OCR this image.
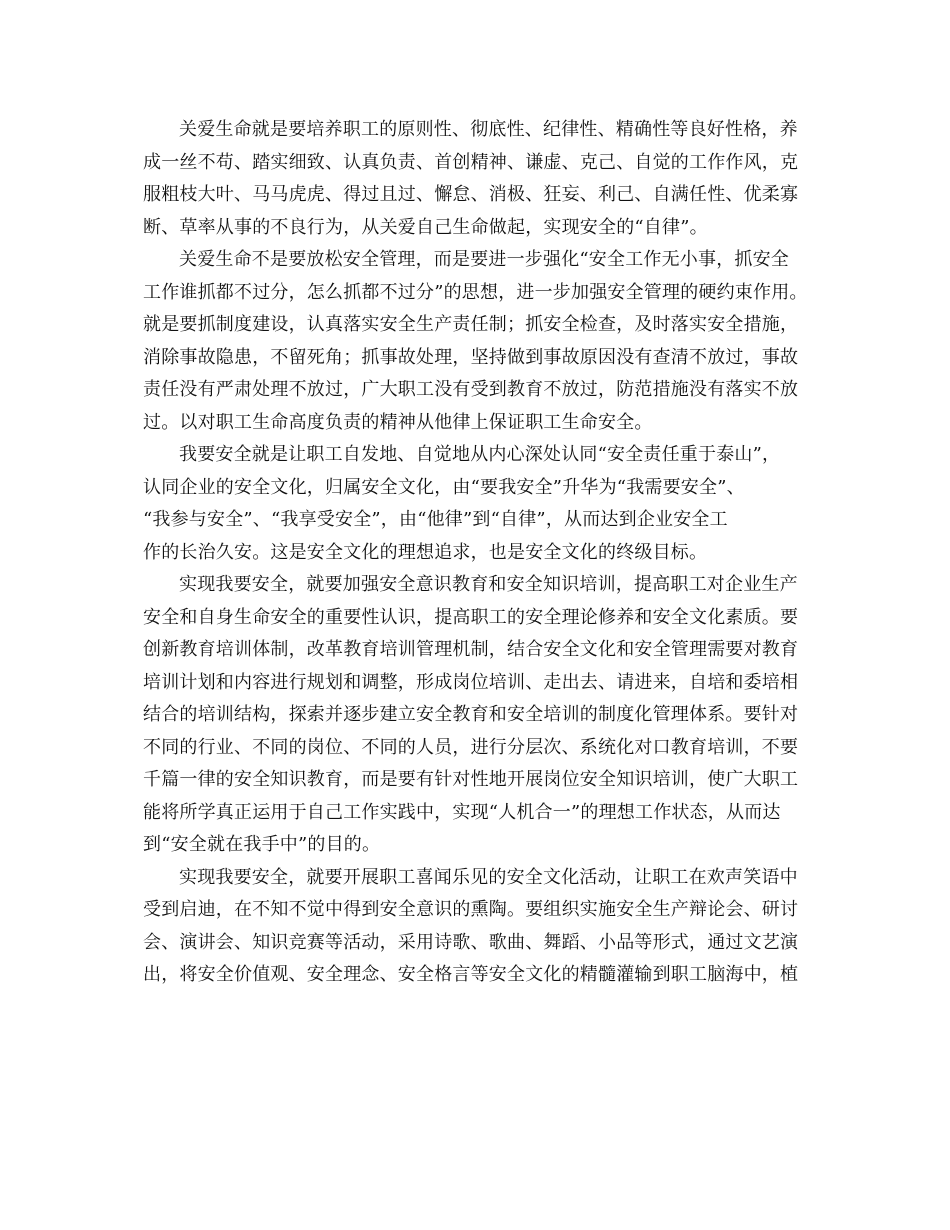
关爱生命就是要培养职工的原则性、彻底性、纪律性、精确性等良好性格，养
成一丝不苟、踏实细致、认真负责、首创精神、谦虚、克己、自觉的工作作风，克
服粗枝大叶、马马虎虎、得过且过、懈怠、消极、狂妄、利己、自满任性、优柔寡
断、草率从事的不良行为，从关爱自己生命做起，实现安全的“自律”。

关爱生命不是要放松安全管理，而是要进一步强化“安全工作无小事，抓安全
工作谁抓都不过分，怎么抓都不过分”的思想，进一步加强安全管理的硬约束作用。
就是要抓制度建设，认真落实安全生产责任制；抓安全检查，及时落实安全措施，
消除事故隐患，不留死角；抓事故处理，坚持做到事故原因没有查清不放过，事故
责任没有严肃处理不放过，广大职工没有受到教育不放过，防范措施没有落实不放
过。以对职工生命高度负责的精神从他律上保证职工生命安全。

我要安全就是让职工自发地、自觉地从内心深处认同“安全责任重于泰山”，
认同企业的安全文化，归属安全文化，由“要我安全”升华为“我需要安全”、
“我参与安全”、“我享受安全”，由“他律”到“自律”，从而达到企业安全工
作的长治久安。这是安全文化的理想追求，也是安全文化的终级目标。

实现我要安全，就要加强安全意识教育和安全知识培训，提高职工对企业生产
安全和自身生命安全的重要性认识，提高职工的安全理论修养和安全文化素质。要
创新教育培训体制，改革教育培训管理机制，结合安全文化和安全管理需要对教育
培训计划和内容进行规划和调整，形成岗位培训、走出去、请进来，自培和委培相
结合的培训结构，探索并逐步建立安全教育和安全培训的制度化管理体系。要针对
不同的行业、不同的岗位、不同的人员，进行分层次、系统化对口教育培训，不要
千篇一律的安全知识教育，而是要有针对性地开展岗位安全知识培训，使广大职工
能将所学真正运用于自己工作实践中，实现“人机合一”的理想工作状态，从而达
到“安全就在我手中”的目的。

实现我要安全，就要开展职工喜闻乐见的安全文化活动，让职工在欢声笑语中
受到启迪，在不知不觉中得到安全意识的熏陶。要组织实施安全生产辩论会、研讨
会、演讲会、知识竞赛等活动，采用诗歌、歌曲、舞蹈、小品等形式，通过文艺演
出，将安全价值观、安全理念、安全格言等安全文化的精髓灌输到职工脑海中，植
